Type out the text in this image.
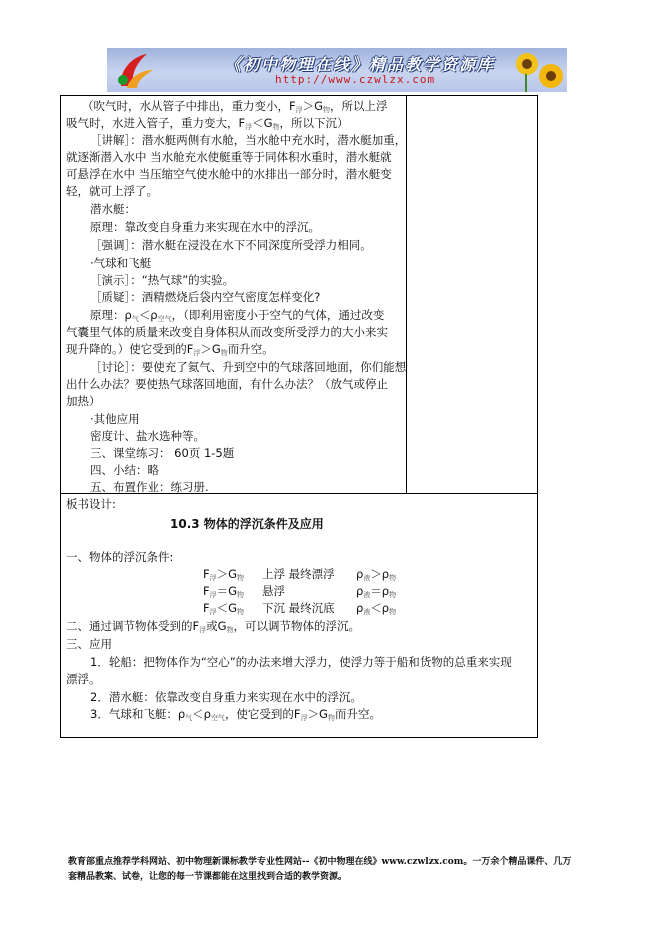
《初中物理在线》精品教学资源库
http://www.czwlzx.com
（吹气时，水从管子中排出，重力变小，$F_浮>G_物$，所以上浮
吸气时，水进入管子，重力变大，$F_浮<G_物$，所以下沉）
［讲解］：潜水艇两侧有水舱，当水舱中充水时，潜水艇加重，
就逐渐潜入水中 当水舱充水使艇重等于同体积水重时，潜水艇就
可悬浮在水中 当压缩空气使水舱中的水排出一部分时，潜水艇变
轻，就可上浮了。
潜水艇：
原理：靠改变自身重力来实现在水中的浮沉。
［强调］：潜水艇在浸没在水下不同深度所受浮力相同。
·气球和飞艇
［演示］：“热气球”的实验。
［质疑］：酒精燃烧后袋内空气密度怎样变化?
原理：$\rho_气<\rho_{空气}$，（即利用密度小于空气的气体，通过改变
气囊里气体的质量来改变自身体积从而改变所受浮力的大小来实
现升降的。）使它受到的$F_浮>G_物$而升空。
［讨论］：要使充了氦气、升到空中的气球落回地面，你们能想
出什么办法？要使热气球落回地面，有什么办法？（放气或停止
加热）
·其他应用
密度计、盐水选种等。
三、课堂练习： 60页 1-5题
四、小结：略
五、布置作业：练习册.
板书设计:
10.3 物体的浮沉条件及应用
一、物体的浮沉条件:
$F_浮>G_物$ 上浮 最终漂浮 $\rho_液>\rho_物$
$F_浮=G_物$ 悬浮	$\rho_液=\rho_物$
$F_浮<G_物$ 下沉 最终沉底 $\rho_液<\rho_物$
二、通过调节物体受到的$F_浮$或$G_物$，可以调节物体的浮沉。
三、应用
1．轮船：把物体作为“空心”的办法来增大浮力，使浮力等于船和货物的总重来实现
漂浮。
2．潜水艇：依靠改变自身重力来实现在水中的浮沉。
3．气球和飞艇：$\rho_气<\rho_{空气}$，使它受到的$F_浮>G_物$而升空。
教育部重点推荐学科网站、初中物理新课标教学专业性网站--《初中物理在线》www.czwlzx.com。一万余个精品课件、几万
套精品教案、试卷，让您的每一节课都能在这里找到合适的教学资源。
